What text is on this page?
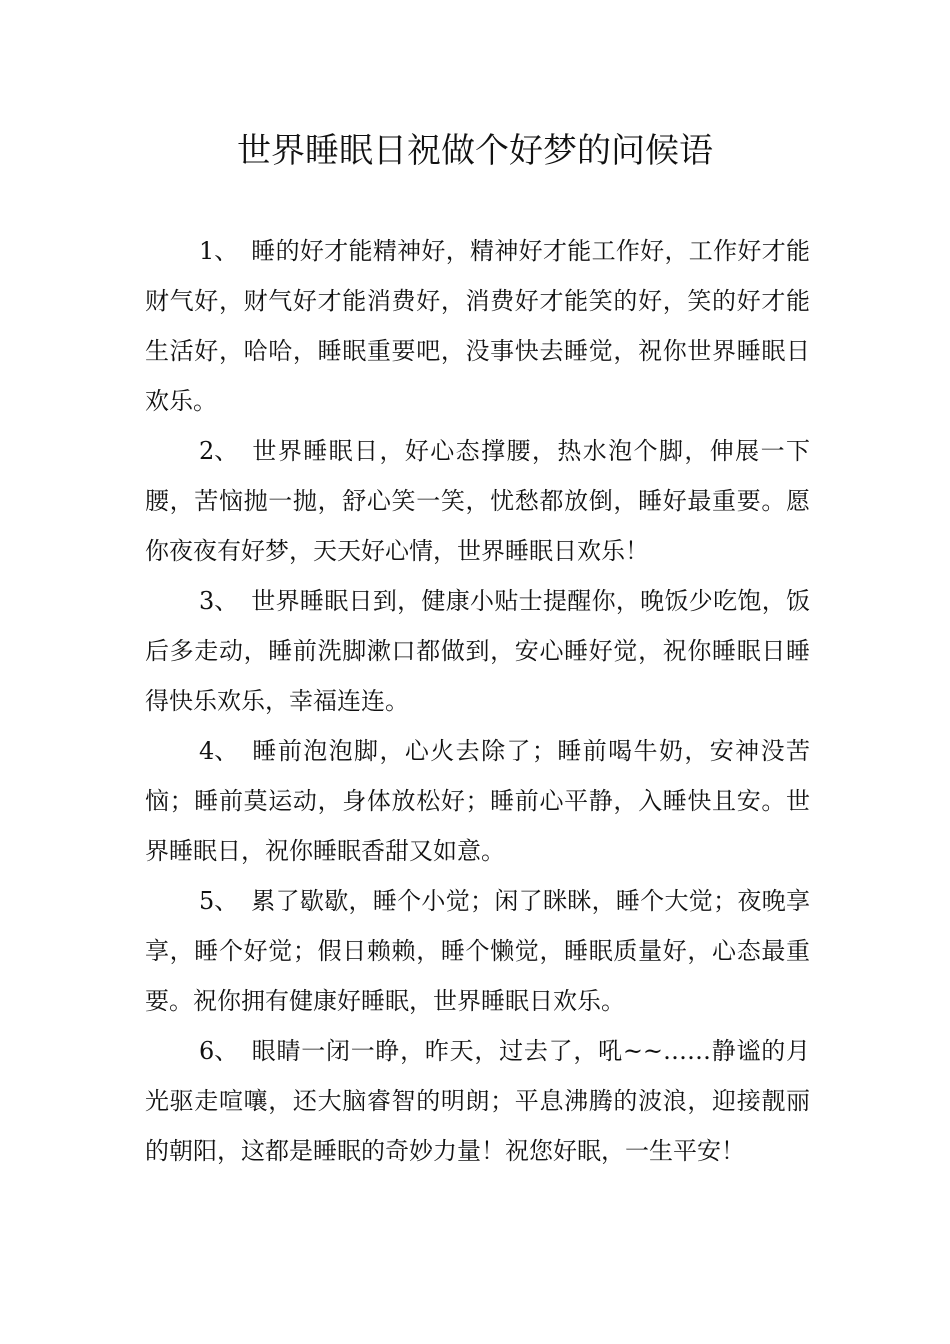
世界睡眠日祝做个好梦的问候语

1、 睡的好才能精神好，精神好才能工作好，工作好才能财气好，财气好才能消费好，消费好才能笑的好，笑的好才能生活好，哈哈，睡眠重要吧，没事快去睡觉，祝你世界睡眠日欢乐。

2、 世界睡眠日，好心态撑腰，热水泡个脚，伸展一下腰，苦恼抛一抛，舒心笑一笑，忧愁都放倒，睡好最重要。愿你夜夜有好梦，天天好心情，世界睡眠日欢乐！

3、 世界睡眠日到，健康小贴士提醒你，晚饭少吃饱，饭后多走动，睡前洗脚漱口都做到，安心睡好觉，祝你睡眠日睡得快乐欢乐，幸福连连。

4、 睡前泡泡脚，心火去除了；睡前喝牛奶，安神没苦恼；睡前莫运动，身体放松好；睡前心平静，入睡快且安。世界睡眠日，祝你睡眠香甜又如意。

5、 累了歇歇，睡个小觉；闲了眯眯，睡个大觉；夜晚享享，睡个好觉；假日赖赖，睡个懒觉，睡眠质量好，心态最重要。祝你拥有健康好睡眠，世界睡眠日欢乐。

6、 眼睛一闭一睁，昨天，过去了，吼~~……静谧的月光驱走喧嚷，还大脑睿智的明朗；平息沸腾的波浪，迎接靓丽的朝阳，这都是睡眠的奇妙力量！祝您好眠，一生平安！
